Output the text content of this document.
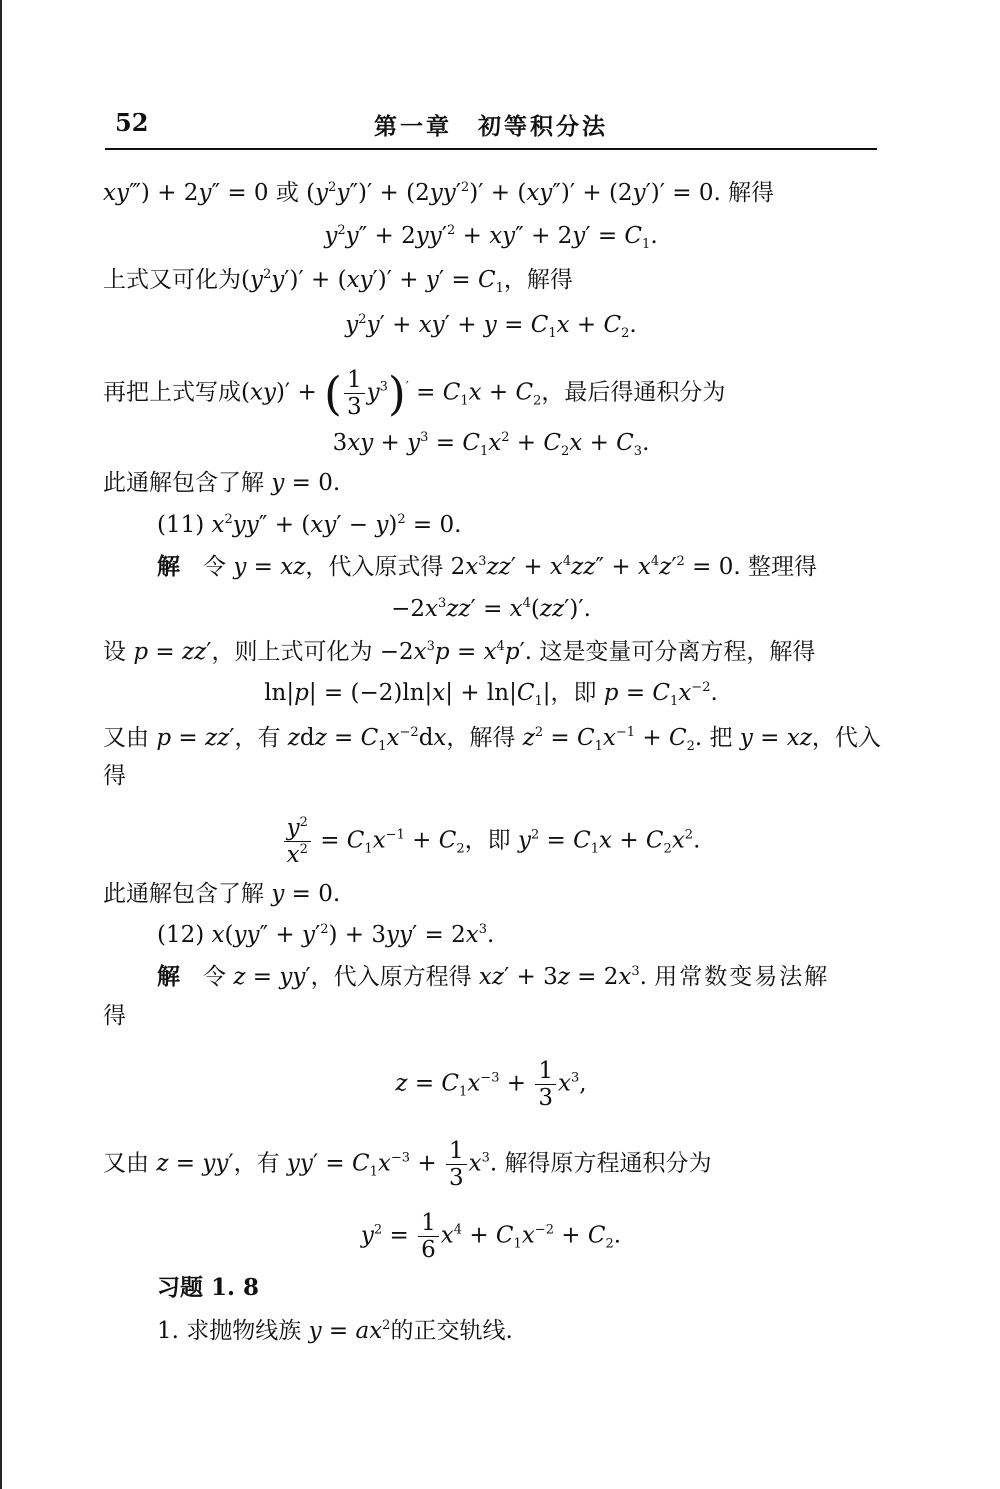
52	第一章　初等积分法
xy‴) + 2y″ = 0 或 $(y^2y'')' + (2yy'^2)' + (xy'')' + (2y')' = 0$. 解得
$y^2y'' + 2yy'^2 + xy'' + 2y' = C_1$.
上式又可化为$(y^2y')' + (xy')' + y' = C_1$，解得
$y^2y' + xy' + y = C_1x + C_2$.
再把上式写成(xy)′ + ( $\frac{1}{3} y^3)' = C_1x + C_2$，最后得通积分为
$3xy + y^3 = C_1x^2 + C_2x + C_3$.
此通解包含了解 y = 0.
(11) $x^2yy'' + (xy' - y)^2 = 0$.
解　 令 y = xz，代入原式得 $2x^3zz' + x^4zz'' + x^4z'^2 = 0$. 整理得
$-2x^3zz' = x^4(zz')'$.
设 p = zz′，则上式可化为 $-2x^3p = x^4p'$. 这是变量可分离方程，解得
$\ln|p| = (-2)\ln|x| + \ln|C_1|$，即 $p = C_1x^{-2}$.
又由 p = zz′，有 zdz = $C_1x^{-2}dx$，解得 $z^2 = C_1x^{-1} + C_2$. 把 y = xz，代入
得
$\frac{y^2}{x^2} = C_1x^{-1} + C_2$，即 $y^2 = C_1x + C_2x^2$.
此通解包含了解 y = 0.
(12) $x(yy'' + y'^2) + 3yy' = 2x^3$.
解　 令 z = yy′，代入原方程得 $xz' + 3z = 2x^3$. 用常数变易法解
得
$z = C_1x^{-3} + \frac{1}{3} x^3$,
又由 z = yy′，有 $yy' = C_1x^{-3} + \frac{1}{3} x^3$. 解得原方程通积分为
$y^2 = \frac{1}{6} x^4 + C_1x^{-2} + C_2$.
习题 1. 8
1. 求抛物线族 $y = ax^2$的正交轨线.
